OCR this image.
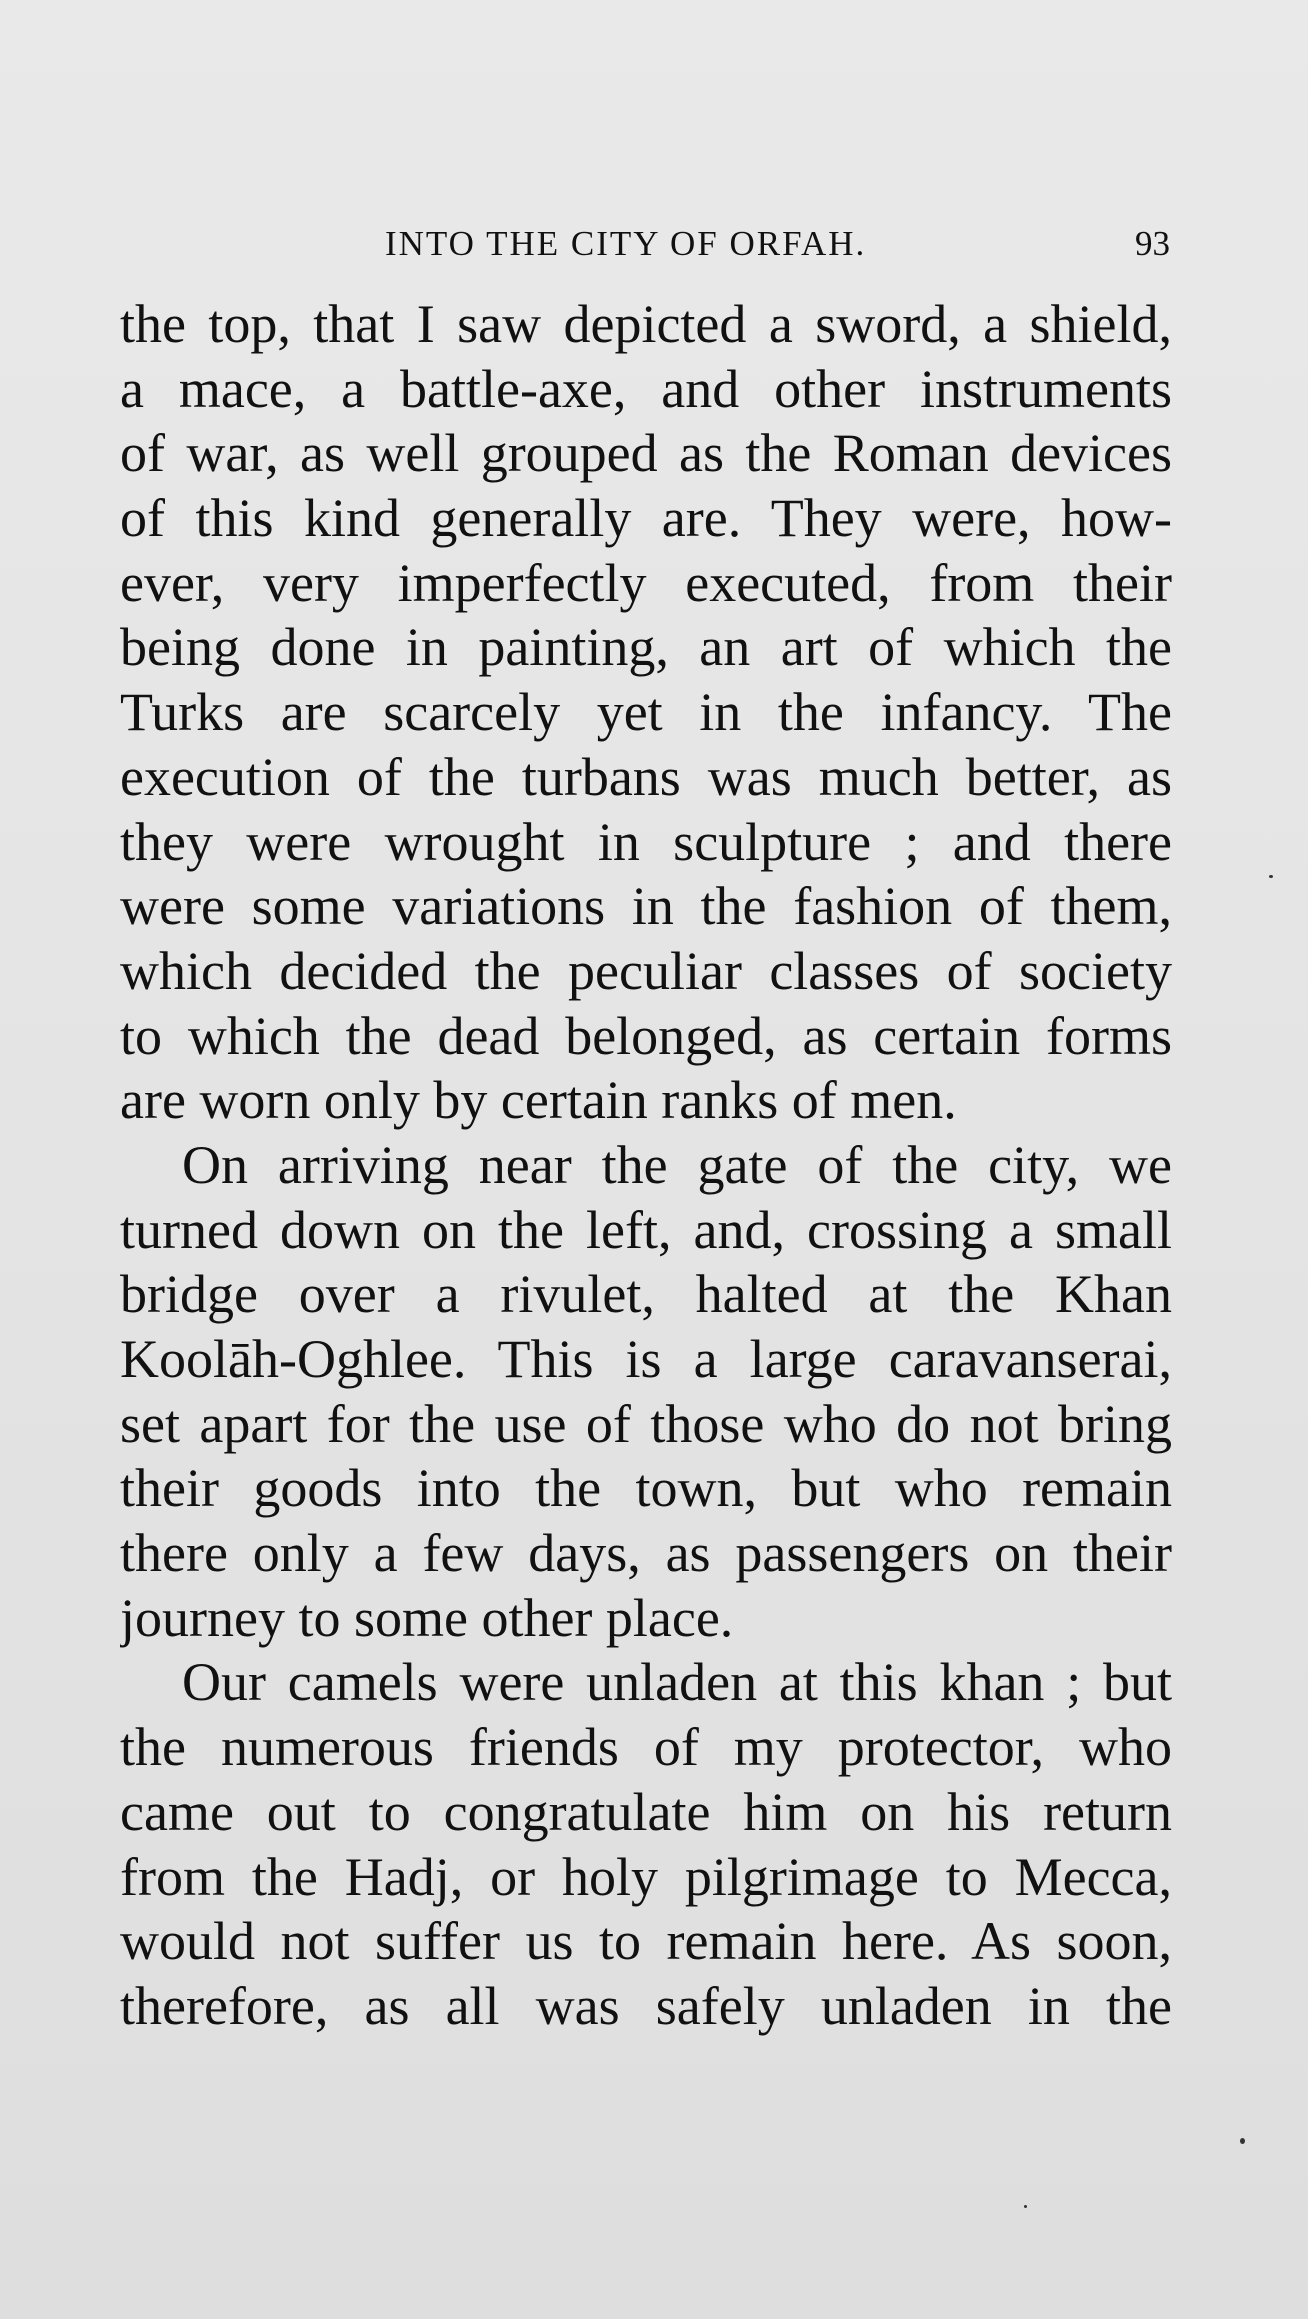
INTO THE CITY OF ORFAH.	93
the top, that I saw depicted a sword, a shield,
a mace, a battle-axe, and other instruments
of war, as well grouped as the Roman devices
of this kind generally are. They were, how-
ever, very imperfectly executed, from their
being done in painting, an art of which the
Turks are scarcely yet in the infancy. The
execution of the turbans was much better, as
they were wrought in sculpture ; and there
were some variations in the fashion of them,
which decided the peculiar classes of society
to which the dead belonged, as certain forms
are worn only by certain ranks of men.
On arriving near the gate of the city, we
turned down on the left, and, crossing a small
bridge over a rivulet, halted at the Khan
Koolāh-Oghlee. This is a large caravanserai,
set apart for the use of those who do not bring
their goods into the town, but who remain
there only a few days, as passengers on their
journey to some other place.
Our camels were unladen at this khan ; but
the numerous friends of my protector, who
came out to congratulate him on his return
from the Hadj, or holy pilgrimage to Mecca,
would not suffer us to remain here. As soon,
therefore, as all was safely unladen in the
